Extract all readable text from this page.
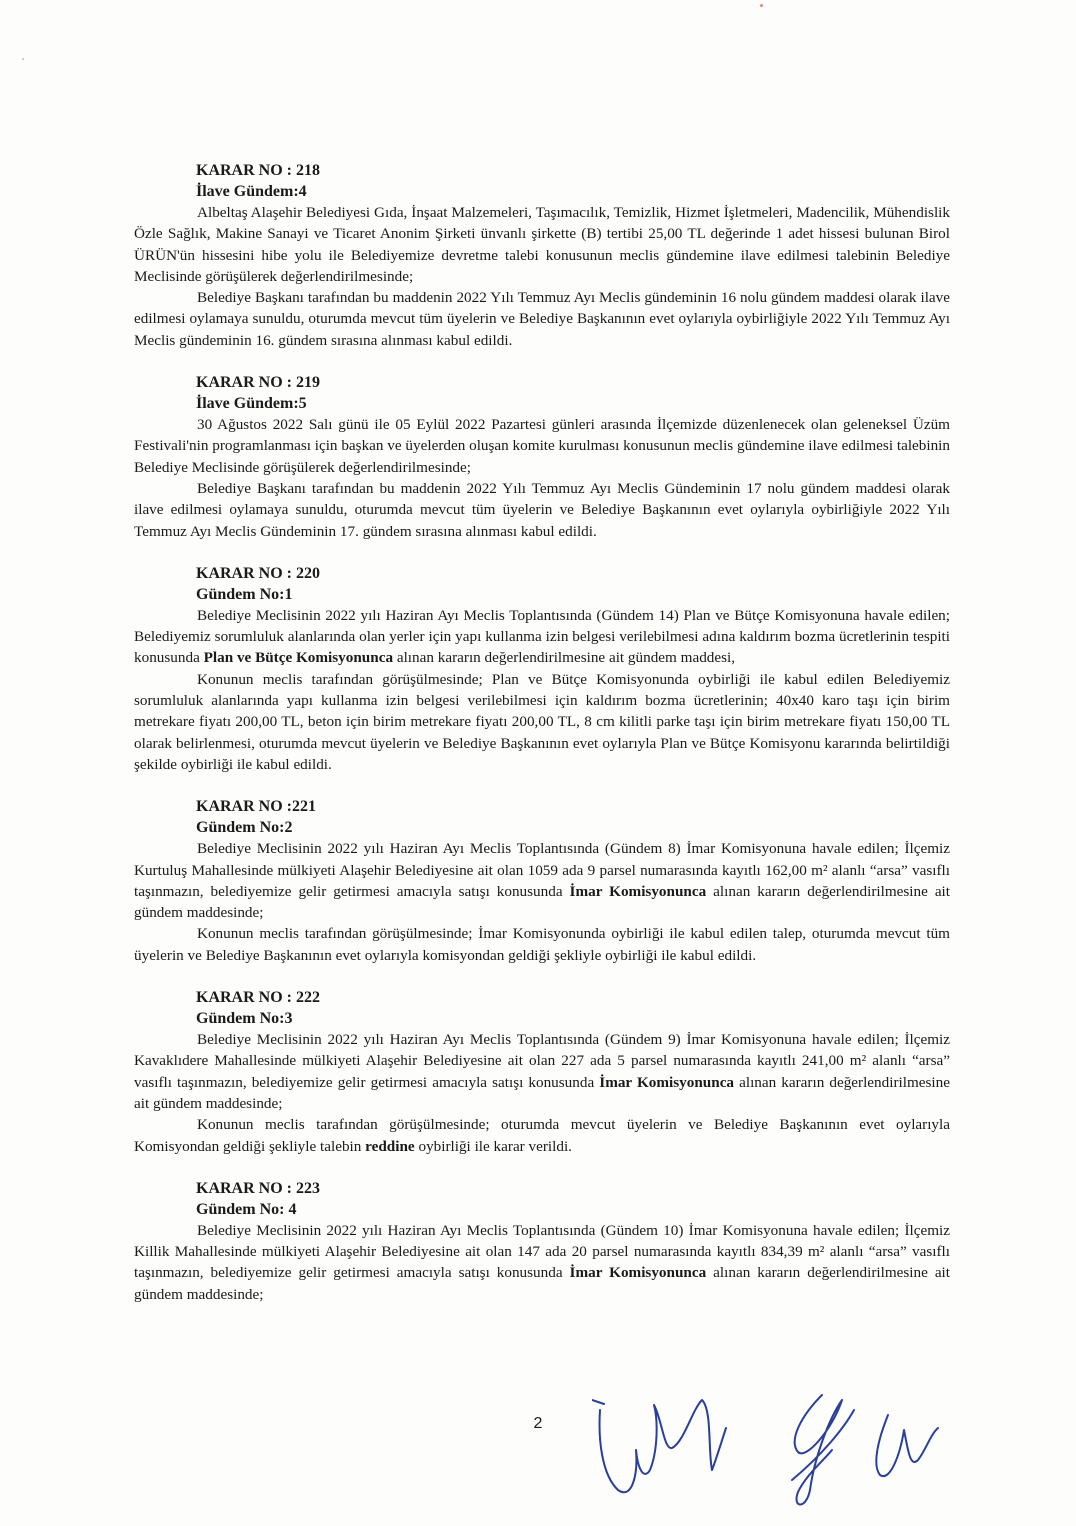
KARAR NO : 218
İlave Gündem:4

Albeltaş Alaşehir Belediyesi Gıda, İnşaat Malzemeleri, Taşımacılık, Temizlik, Hizmet İşletmeleri, Madencilik, Mühendislik Özle Sağlık, Makine Sanayi ve Ticaret Anonim Şirketi ünvanlı şirkette (B) tertibi 25,00 TL değerinde 1 adet hissesi bulunan Birol ÜRÜN'ün hissesini hibe yolu ile Belediyemize devretme talebi konusunun meclis gündemine ilave edilmesi talebinin Belediye Meclisinde görüşülerek değerlendirilmesinde;

Belediye Başkanı tarafından bu maddenin 2022 Yılı Temmuz Ayı Meclis gündeminin 16 nolu gündem maddesi olarak ilave edilmesi oylamaya sunuldu, oturumda mevcut tüm üyelerin ve Belediye Başkanının evet oylarıyla oybirliğiyle 2022 Yılı Temmuz Ayı Meclis gündeminin 16. gündem sırasına alınması kabul edildi.

KARAR NO : 219
İlave Gündem:5

30 Ağustos 2022 Salı günü ile 05 Eylül 2022 Pazartesi günleri arasında İlçemizde düzenlenecek olan geleneksel Üzüm Festivali'nin programlanması için başkan ve üyelerden oluşan komite kurulması konusunun meclis gündemine ilave edilmesi talebinin Belediye Meclisinde görüşülerek değerlendirilmesinde;

Belediye Başkanı tarafından bu maddenin 2022 Yılı Temmuz Ayı Meclis Gündeminin 17 nolu gündem maddesi olarak ilave edilmesi oylamaya sunuldu, oturumda mevcut tüm üyelerin ve Belediye Başkanının evet oylarıyla oybirliğiyle 2022 Yılı Temmuz Ayı Meclis Gündeminin 17. gündem sırasına alınması kabul edildi.

KARAR NO : 220
Gündem No:1

Belediye Meclisinin 2022 yılı Haziran Ayı Meclis Toplantısında (Gündem 14) Plan ve Bütçe Komisyonuna havale edilen; Belediyemiz sorumluluk alanlarında olan yerler için yapı kullanma izin belgesi verilebilmesi adına kaldırım bozma ücretlerinin tespiti konusunda Plan ve Bütçe Komisyonunca alınan kararın değerlendirilmesine ait gündem maddesi,

Konunun meclis tarafından görüşülmesinde; Plan ve Bütçe Komisyonunda oybirliği ile kabul edilen Belediyemiz sorumluluk alanlarında yapı kullanma izin belgesi verilebilmesi için kaldırım bozma ücretlerinin; 40x40 karo taşı için birim metrekare fiyatı 200,00 TL, beton için birim metrekare fiyatı 200,00 TL, 8 cm kilitli parke taşı için birim metrekare fiyatı 150,00 TL olarak belirlenmesi, oturumda mevcut üyelerin ve Belediye Başkanının evet oylarıyla Plan ve Bütçe Komisyonu kararında belirtildiği şekilde oybirliği ile kabul edildi.

KARAR NO :221
Gündem No:2

Belediye Meclisinin 2022 yılı Haziran Ayı Meclis Toplantısında (Gündem 8) İmar Komisyonuna havale edilen; İlçemiz Kurtuluş Mahallesinde mülkiyeti Alaşehir Belediyesine ait olan 1059 ada 9 parsel numarasında kayıtlı 162,00 m² alanlı “arsa” vasıflı taşınmazın, belediyemize gelir getirmesi amacıyla satışı konusunda İmar Komisyonunca alınan kararın değerlendirilmesine ait gündem maddesinde;

Konunun meclis tarafından görüşülmesinde; İmar Komisyonunda oybirliği ile kabul edilen talep, oturumda mevcut tüm üyelerin ve Belediye Başkanının evet oylarıyla komisyondan geldiği şekliyle oybirliği ile kabul edildi.

KARAR NO : 222
Gündem No:3

Belediye Meclisinin 2022 yılı Haziran Ayı Meclis Toplantısında (Gündem 9) İmar Komisyonuna havale edilen; İlçemiz Kavaklıdere Mahallesinde mülkiyeti Alaşehir Belediyesine ait olan 227 ada 5 parsel numarasında kayıtlı 241,00 m² alanlı “arsa” vasıflı taşınmazın, belediyemize gelir getirmesi amacıyla satışı konusunda İmar Komisyonunca alınan kararın değerlendirilmesine ait gündem maddesinde;

Konunun meclis tarafından görüşülmesinde; oturumda mevcut üyelerin ve Belediye Başkanının evet oylarıyla Komisyondan geldiği şekliyle talebin reddine oybirliği ile karar verildi.

KARAR NO : 223
Gündem No: 4

Belediye Meclisinin 2022 yılı Haziran Ayı Meclis Toplantısında (Gündem 10) İmar Komisyonuna havale edilen; İlçemiz Killik Mahallesinde mülkiyeti Alaşehir Belediyesine ait olan 147 ada 20 parsel numarasında kayıtlı 834,39 m² alanlı “arsa” vasıflı taşınmazın, belediyemize gelir getirmesi amacıyla satışı konusunda İmar Komisyonunca alınan kararın değerlendirilmesine ait gündem maddesinde;

2
